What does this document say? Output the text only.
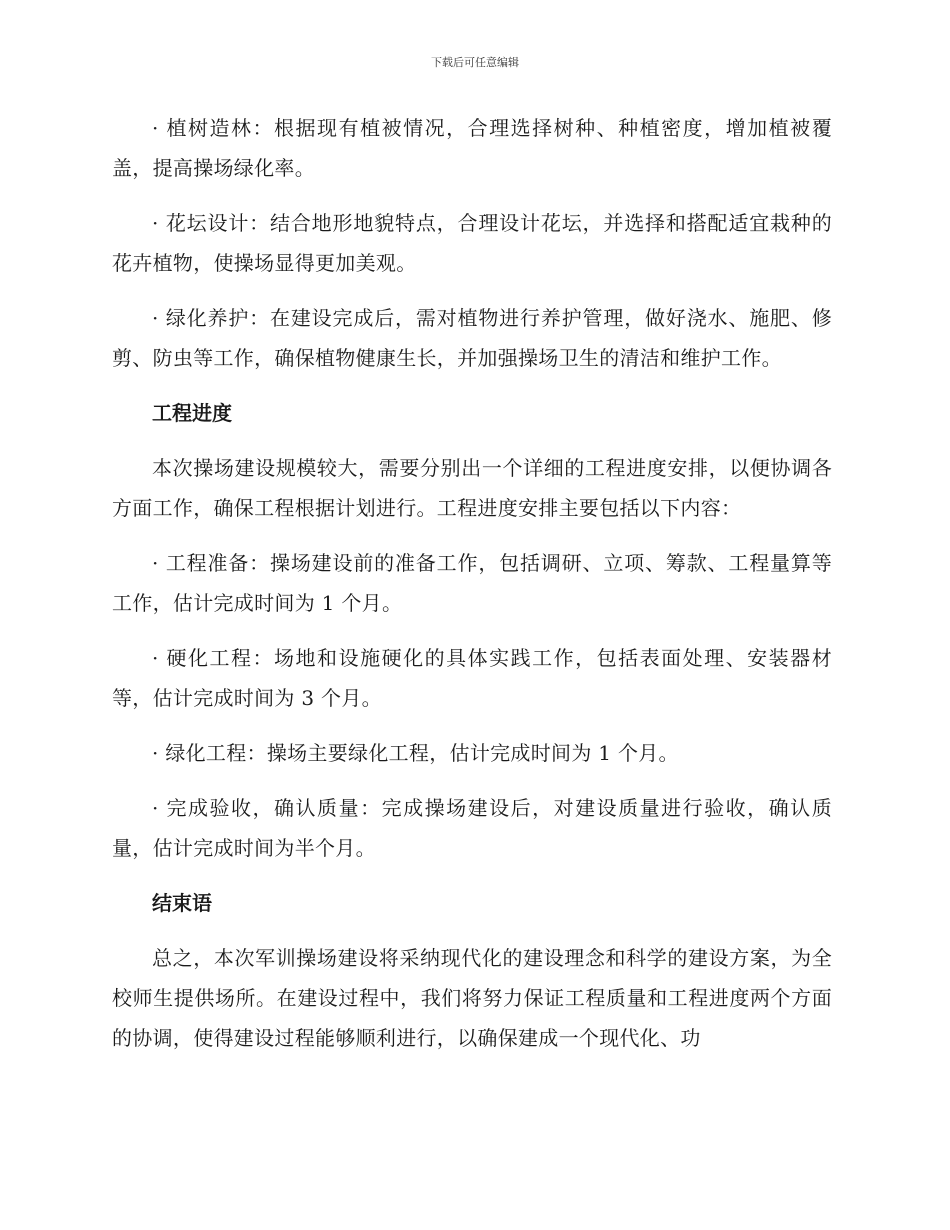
下载后可任意编辑

· 植树造林：根据现有植被情况，合理选择树种、种植密度，增加植被覆盖，提高操场绿化率。

· 花坛设计：结合地形地貌特点，合理设计花坛，并选择和搭配适宜栽种的花卉植物，使操场显得更加美观。

· 绿化养护：在建设完成后，需对植物进行养护管理，做好浇水、施肥、修剪、防虫等工作，确保植物健康生长，并加强操场卫生的清洁和维护工作。

工程进度

本次操场建设规模较大，需要分别出一个详细的工程进度安排，以便协调各方面工作，确保工程根据计划进行。工程进度安排主要包括以下内容：

· 工程准备：操场建设前的准备工作，包括调研、立项、筹款、工程量算等工作，估计完成时间为 1 个月。

· 硬化工程：场地和设施硬化的具体实践工作，包括表面处理、安装器材等，估计完成时间为 3 个月。

· 绿化工程：操场主要绿化工程，估计完成时间为 1 个月。

· 完成验收，确认质量：完成操场建设后，对建设质量进行验收，确认质量，估计完成时间为半个月。

结束语

总之，本次军训操场建设将采纳现代化的建设理念和科学的建设方案，为全校师生提供场所。在建设过程中，我们将努力保证工程质量和工程进度两个方面的协调，使得建设过程能够顺利进行，以确保建成一个现代化、功
